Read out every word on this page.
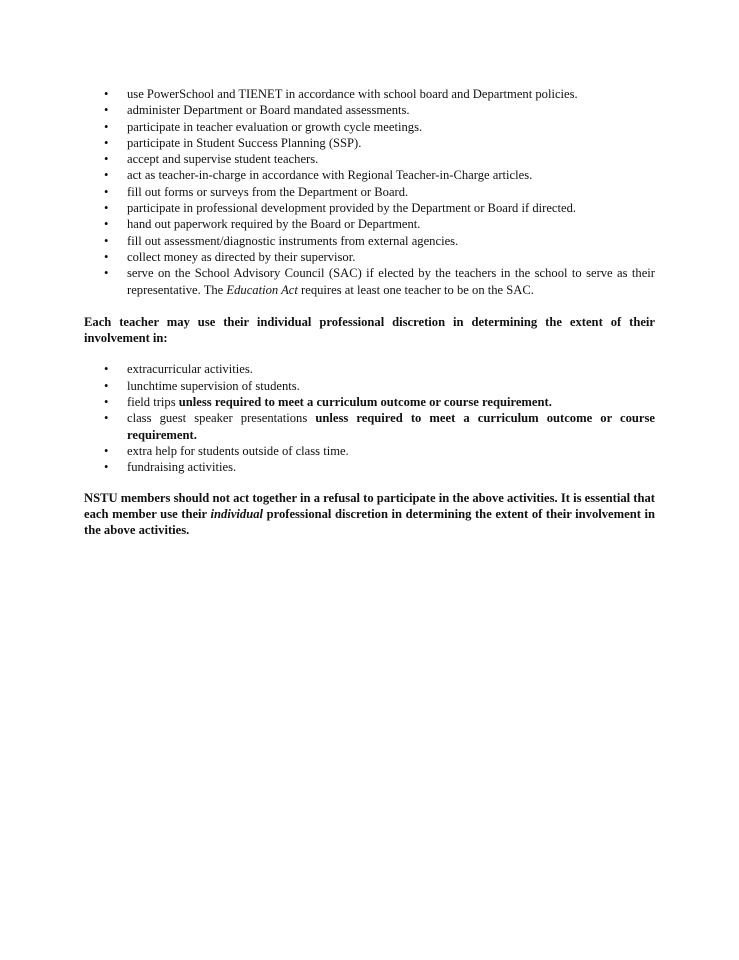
• use PowerSchool and TIENET in accordance with school board and Department policies.
• administer Department or Board mandated assessments.
• participate in teacher evaluation or growth cycle meetings.
• participate in Student Success Planning (SSP).
• accept and supervise student teachers.
• act as teacher-in-charge in accordance with Regional Teacher-in-Charge articles.
• fill out forms or surveys from the Department or Board.
• participate in professional development provided by the Department or Board if directed.
• hand out paperwork required by the Board or Department.
• fill out assessment/diagnostic instruments from external agencies.
• collect money as directed by their supervisor.
• serve on the School Advisory Council (SAC) if elected by the teachers in the school to serve as their representative. The Education Act requires at least one teacher to be on the SAC.

Each teacher may use their individual professional discretion in determining the extent of their involvement in:

• extracurricular activities.
• lunchtime supervision of students.
• field trips unless required to meet a curriculum outcome or course requirement.
• class guest speaker presentations unless required to meet a curriculum outcome or course requirement.
• extra help for students outside of class time.
• fundraising activities.

NSTU members should not act together in a refusal to participate in the above activities. It is essential that each member use their individual professional discretion in determining the extent of their involvement in the above activities.
